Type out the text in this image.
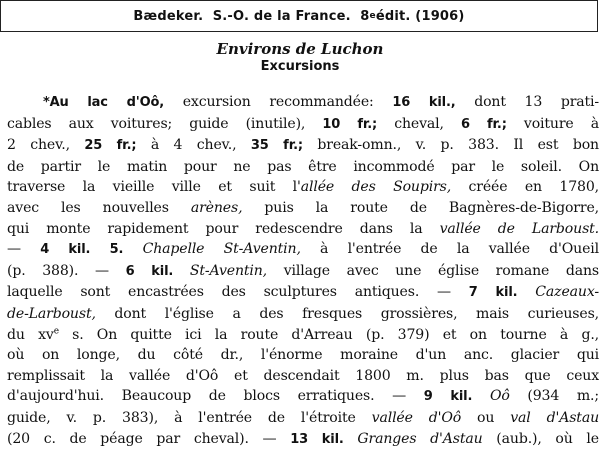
Bædeker.
S.-O. de la France.
8 e édit. (1906)
Environs de Luchon
Excursions
*Au lac d'Oô, excursion recommandée: 16 kil., dont 13 prati-
cables aux voitures; guide (inutile), 10 fr.; cheval, 6 fr.; voiture à
2 chev., 25 fr.; à 4 chev., 35 fr.; break-omn., v. p. 383. Il est bon
de partir le matin pour ne pas être incommodé par le soleil. On
traverse la vieille ville et suit l'allée des Soupirs, créée en 1780,
avec les nouvelles arènes, puis la route de Bagnères-de-Bigorre,
qui monte rapidement pour redescendre dans la vallée de Larboust.
— 4 kil. 5. Chapelle St-Aventin, à l'entrée de la vallée d'Oueil
(p. 388). — 6 kil. St-Aventin, village avec une église romane dans
laquelle sont encastrées des sculptures antiques. — 7 kil. Cazeaux-
de-Larboust, dont l'église a des fresques grossières, mais curieuses,
du $xv^e$ s. On quitte ici la route d'Arreau (p. 379) et on tourne à g.,
où on longe, du côté dr., l'énorme moraine d'un anc. glacier qui
remplissait la vallée d'Oô et descendait 1800 m. plus bas que ceux
d'aujourd'hui. Beaucoup de blocs erratiques. — 9 kil. Oô (934 m.;
guide, v. p. 383), à l'entrée de l'étroite vallée d'Oô ou val d'Astau
(20 c. de péage par cheval). — 13 kil. Granges d'Astau (aub.), où le
